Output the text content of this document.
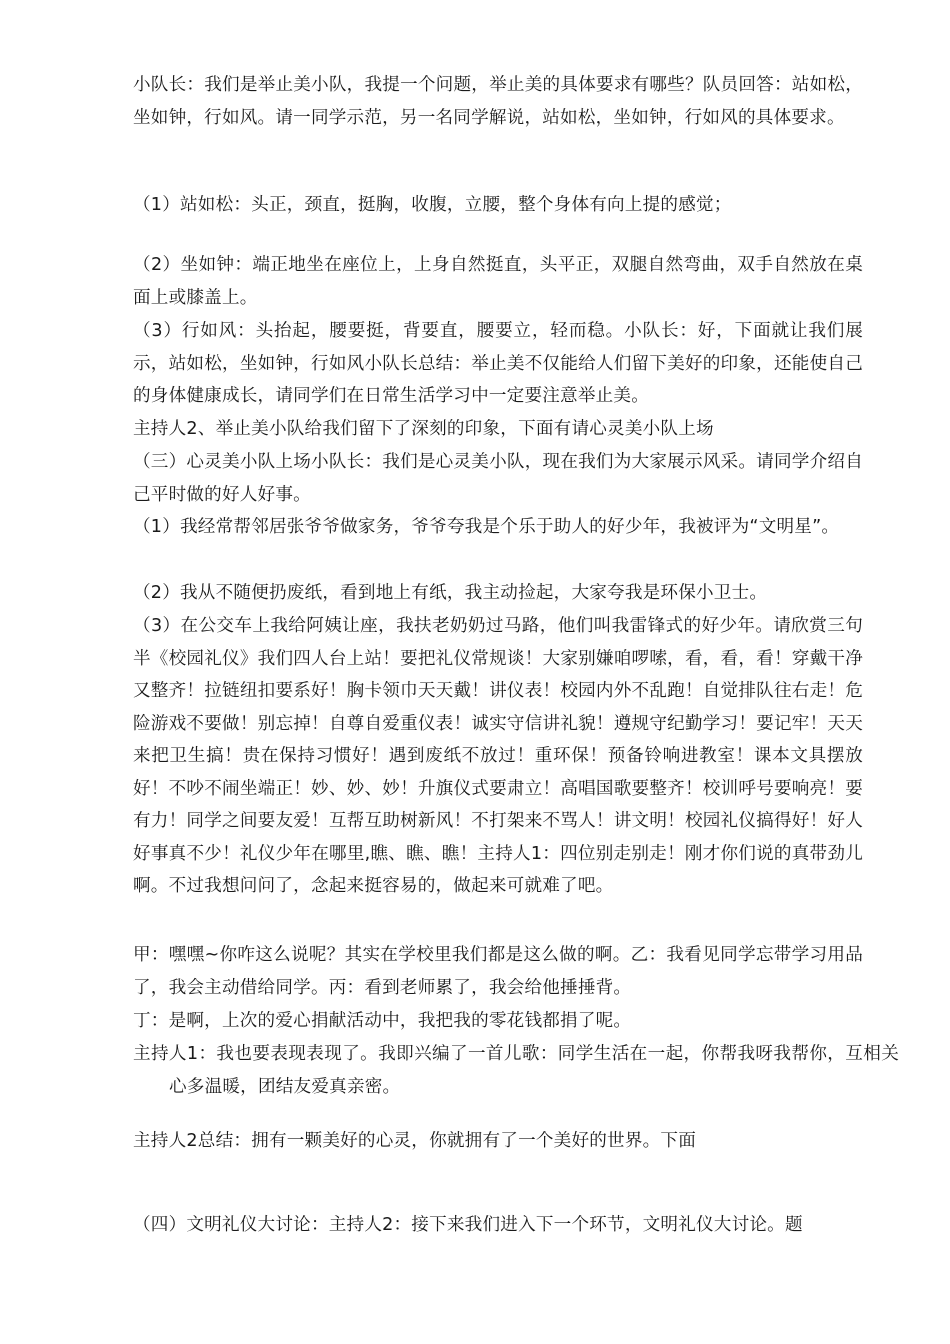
小队长：我们是举止美小队，我提一个问题，举止美的具体要求有哪些？队员回答：站如松，坐如钟，行如风。请一同学示范，另一名同学解说，站如松，坐如钟，行如风的具体要求。

（1）站如松：头正，颈直，挺胸，收腹，立腰，整个身体有向上提的感觉；

（2）坐如钟：端正地坐在座位上，上身自然挺直，头平正，双腿自然弯曲，双手自然放在桌面上或膝盖上。

（3）行如风：头抬起，腰要挺，背要直，腰要立，轻而稳。小队长：好，下面就让我们展示，站如松，坐如钟，行如风小队长总结：举止美不仅能给人们留下美好的印象，还能使自己的身体健康成长，请同学们在日常生活学习中一定要注意举止美。

主持人2、举止美小队给我们留下了深刻的印象，下面有请心灵美小队上场

（三）心灵美小队上场小队长：我们是心灵美小队，现在我们为大家展示风采。请同学介绍自己平时做的好人好事。

（1）我经常帮邻居张爷爷做家务，爷爷夸我是个乐于助人的好少年，我被评为“文明星”。

（2）我从不随便扔废纸，看到地上有纸，我主动捡起，大家夸我是环保小卫士。

（3）在公交车上我给阿姨让座，我扶老奶奶过马路，他们叫我雷锋式的好少年。请欣赏三句半《校园礼仪》我们四人台上站！要把礼仪常规谈！大家别嫌咱啰嗦，看，看，看！穿戴干净又整齐！拉链纽扣要系好！胸卡领巾天天戴！讲仪表！校园内外不乱跑！自觉排队往右走！危险游戏不要做！别忘掉！自尊自爱重仪表！诚实守信讲礼貌！遵规守纪勤学习！要记牢！天天来把卫生搞！贵在保持习惯好！遇到废纸不放过！重环保！预备铃响进教室！课本文具摆放好！不吵不闹坐端正！妙、妙、妙！升旗仪式要肃立！高唱国歌要整齐！校训呼号要响亮！要有力！同学之间要友爱！互帮互助树新风！不打架来不骂人！讲文明！校园礼仪搞得好！好人好事真不少！礼仪少年在哪里,瞧、瞧、瞧！主持人1：四位别走别走！刚才你们说的真带劲儿啊。不过我想问问了，念起来挺容易的，做起来可就难了吧。

甲：嘿嘿~你咋这么说呢？其实在学校里我们都是这么做的啊。乙：我看见同学忘带学习用品了，我会主动借给同学。丙：看到老师累了，我会给他捶捶背。

丁：是啊，上次的爱心捐献活动中，我把我的零花钱都捐了呢。

主持人1：我也要表现表现了。我即兴编了一首儿歌：同学生活在一起，你帮我呀我帮你，互相关心多温暖，团结友爱真亲密。

主持人2总结：拥有一颗美好的心灵，你就拥有了一个美好的世界。下面

（四）文明礼仪大讨论：主持人2：接下来我们进入下一个环节，文明礼仪大讨论。题
